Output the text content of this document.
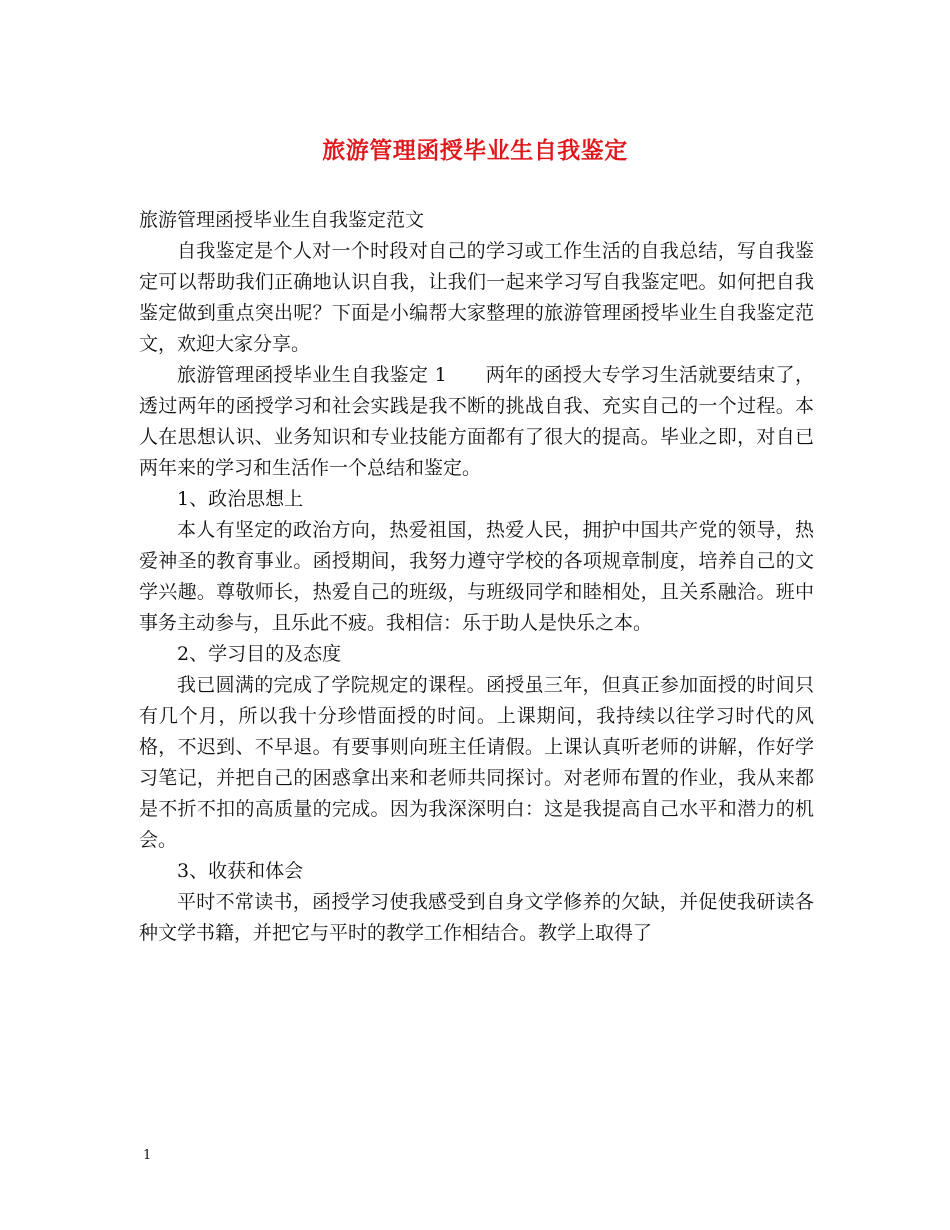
旅游管理函授毕业生自我鉴定

旅游管理函授毕业生自我鉴定范文

自我鉴定是个人对一个时段对自己的学习或工作生活的自我总结，写自我鉴定可以帮助我们正确地认识自我，让我们一起来学习写自我鉴定吧。如何把自我鉴定做到重点突出呢？下面是小编帮大家整理的旅游管理函授毕业生自我鉴定范文，欢迎大家分享。

旅游管理函授毕业生自我鉴定 1　　两年的函授大专学习生活就要结束了，透过两年的函授学习和社会实践是我不断的挑战自我、充实自己的一个过程。本人在思想认识、业务知识和专业技能方面都有了很大的提高。毕业之即，对自已两年来的学习和生活作一个总结和鉴定。

1、政治思想上

本人有坚定的政治方向，热爱祖国，热爱人民，拥护中国共产党的领导，热爱神圣的教育事业。函授期间，我努力遵守学校的各项规章制度，培养自己的文学兴趣。尊敬师长，热爱自己的班级，与班级同学和睦相处，且关系融洽。班中事务主动参与，且乐此不疲。我相信：乐于助人是快乐之本。

2、学习目的及态度

我已圆满的完成了学院规定的课程。函授虽三年，但真正参加面授的时间只有几个月，所以我十分珍惜面授的时间。上课期间，我持续以往学习时代的风格，不迟到、不早退。有要事则向班主任请假。上课认真听老师的讲解，作好学习笔记，并把自己的困惑拿出来和老师共同探讨。对老师布置的作业，我从来都是不折不扣的高质量的完成。因为我深深明白：这是我提高自己水平和潜力的机会。

3、收获和体会

平时不常读书，函授学习使我感受到自身文学修养的欠缺，并促使我研读各种文学书籍，并把它与平时的教学工作相结合。教学上取得了

1
